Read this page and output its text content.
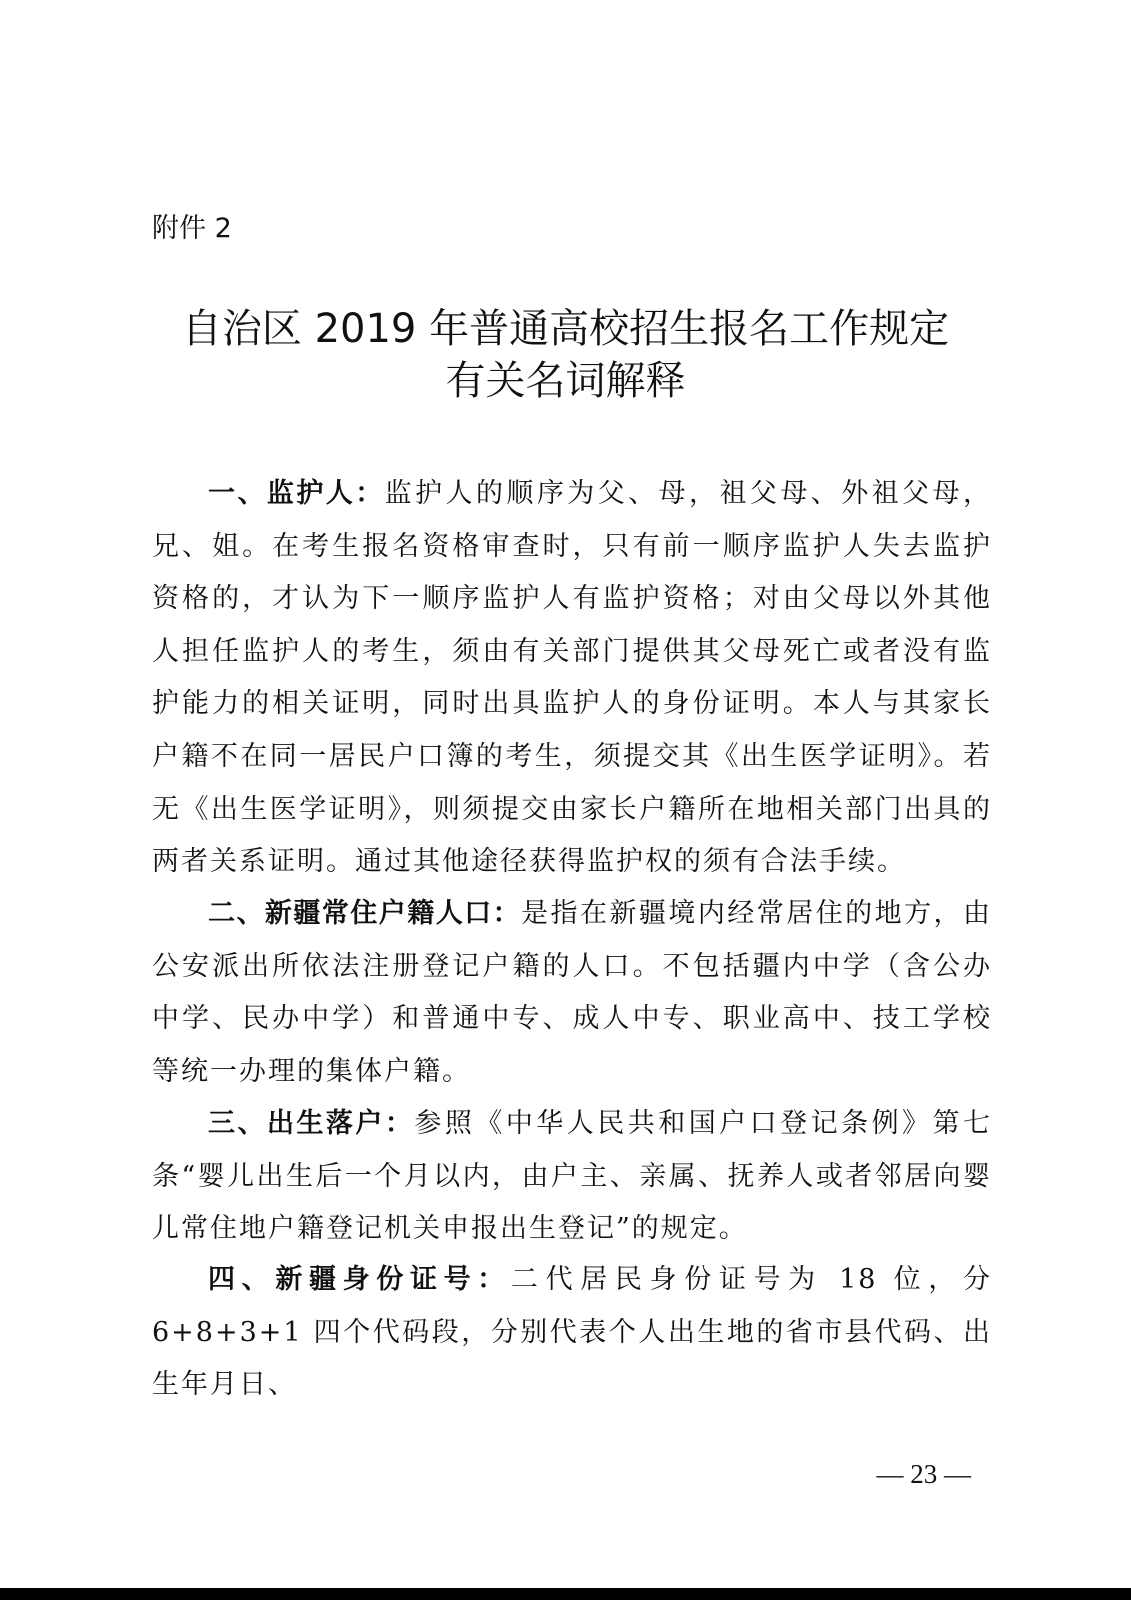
附件 2
自治区 2019 年普通高校招生报名工作规定
有关名词解释

一、监护人：监护人的顺序为父、母，祖父母、外祖父母，兄、姐。在考生报名资格审查时，只有前一顺序监护人失去监护资格的，才认为下一顺序监护人有监护资格；对由父母以外其他人担任监护人的考生，须由有关部门提供其父母死亡或者没有监护能力的相关证明，同时出具监护人的身份证明。本人与其家长户籍不在同一居民户口簿的考生，须提交其《出生医学证明》。若无《出生医学证明》，则须提交由家长户籍所在地相关部门出具的两者关系证明。通过其他途径获得监护权的须有合法手续。

二、新疆常住户籍人口：是指在新疆境内经常居住的地方，由公安派出所依法注册登记户籍的人口。不包括疆内中学（含公办中学、民办中学）和普通中专、成人中专、职业高中、技工学校等统一办理的集体户籍。

三、出生落户：参照《中华人民共和国户口登记条例》第七条“婴儿出生后一个月以内，由户主、亲属、抚养人或者邻居向婴儿常住地户籍登记机关申报出生登记”的规定。

四、新疆身份证号：二代居民身份证号为 18 位，分 6+8+3+1 四个代码段，分别代表个人出生地的省市县代码、出生年月日、

— 23 —
